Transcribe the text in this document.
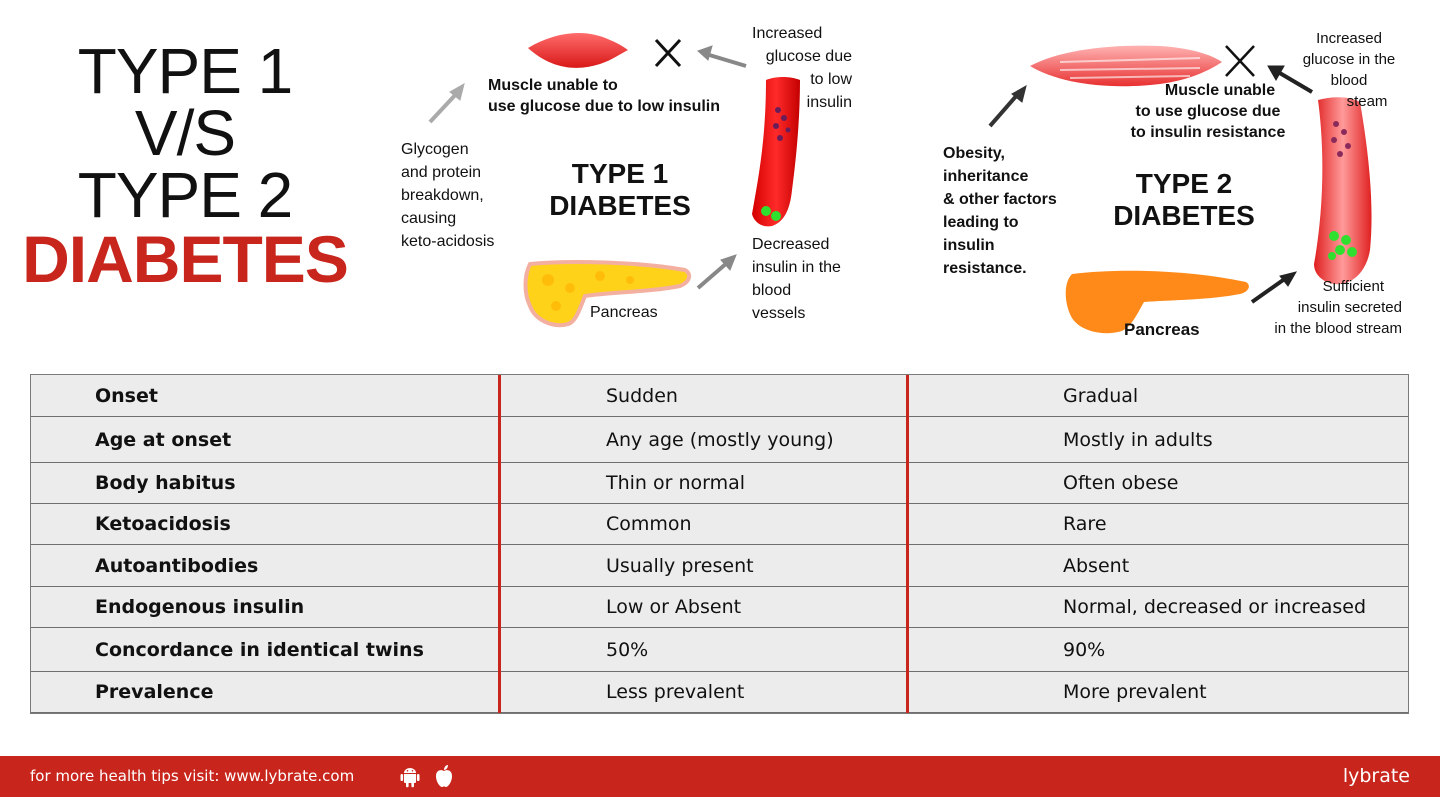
TYPE 1
V/S
TYPE 2
DIABETES
Muscle unable to
use glucose due to low insulin
Increased
glucose due
to low
insulin
Glycogen
and protein
breakdown,
causing
keto-acidosis
TYPE 1
DIABETES
Decreased
insulin in the
blood
vessels
Pancreas
Muscle unable
to use glucose due
to insulin resistance
Increased
glucose in the
blood
steam
Obesity,
inheritance
& other factors
leading to
insulin
resistance.
TYPE 2
DIABETES
Sufficient
insulin secreted
in the blood stream
Pancreas
Onset	Sudden	Gradual
Age at onset	Any age (mostly young)	Mostly in adults
Body habitus	Thin or normal	Often obese
Ketoacidosis	Common	Rare
Autoantibodies	Usually present	Absent
Endogenous insulin	Low or Absent	Normal, decreased or increased
Concordance in identical twins	50%	90%
Prevalence	Less prevalent	More prevalent
for more health tips visit: www.lybrate.com	lybrate
